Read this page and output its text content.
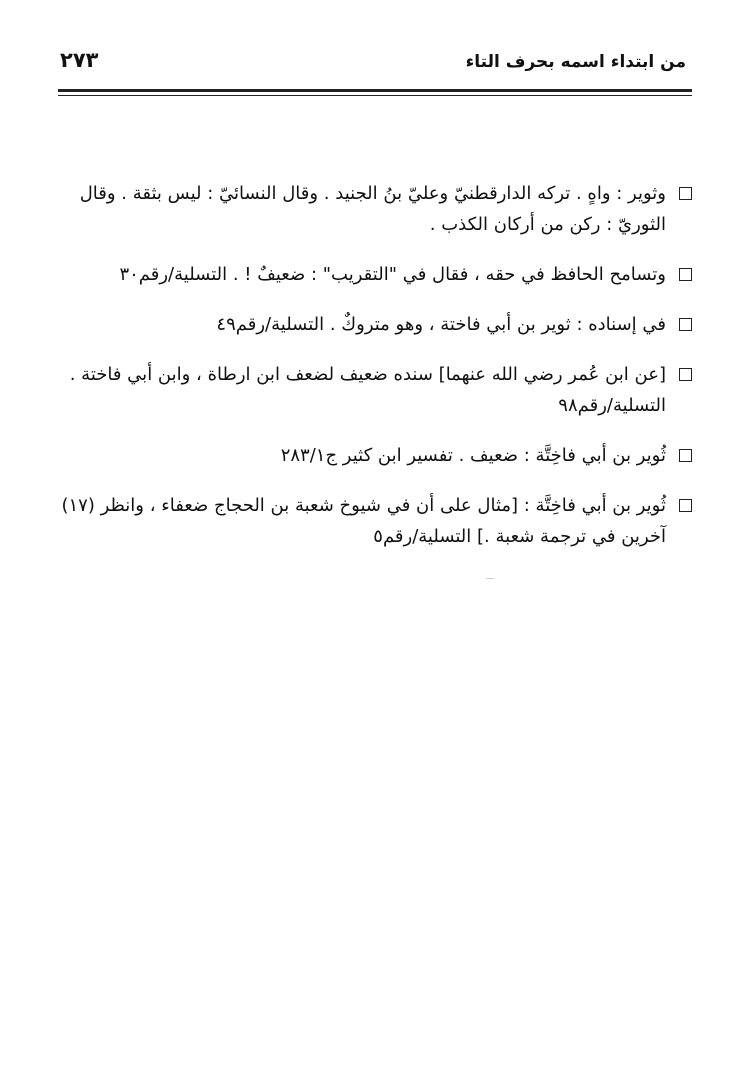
٢٧٣	من ابتداء اسمه بحرف التاء
وثوير : واهٍ . تركه الدارقطنيّ وعليّ بنُ الجنيد . وقال النسائيّ : ليس بثقة . وقال الثوريّ : ركن من أركان الكذب .
وتسامح الحافظ في حقه ، فقال في "التقريب" : ضعيفٌ ! . التسلية/رقم٣٠
في إسناده : ثوير بن أبي فاختة ، وهو متروكٌ . التسلية/رقم٤٩
[عن ابن عُمر رضي الله عنهما] سنده ضعيف لضعف ابن ارطاة ، وابن أبي فاختة . التسلية/رقم٩٨
ثُوير بن أبي فاخِتَّة : ضعيف . تفسير ابن كثير ج٢٨٣/١
ثُوير بن أبي فاخِتَّة : [مثال على أن في شيوخ شعبة بن الحجاج ضعفاء ، وانظر (١٧) آخرين في ترجمة شعبة .] التسلية/رقم٥
